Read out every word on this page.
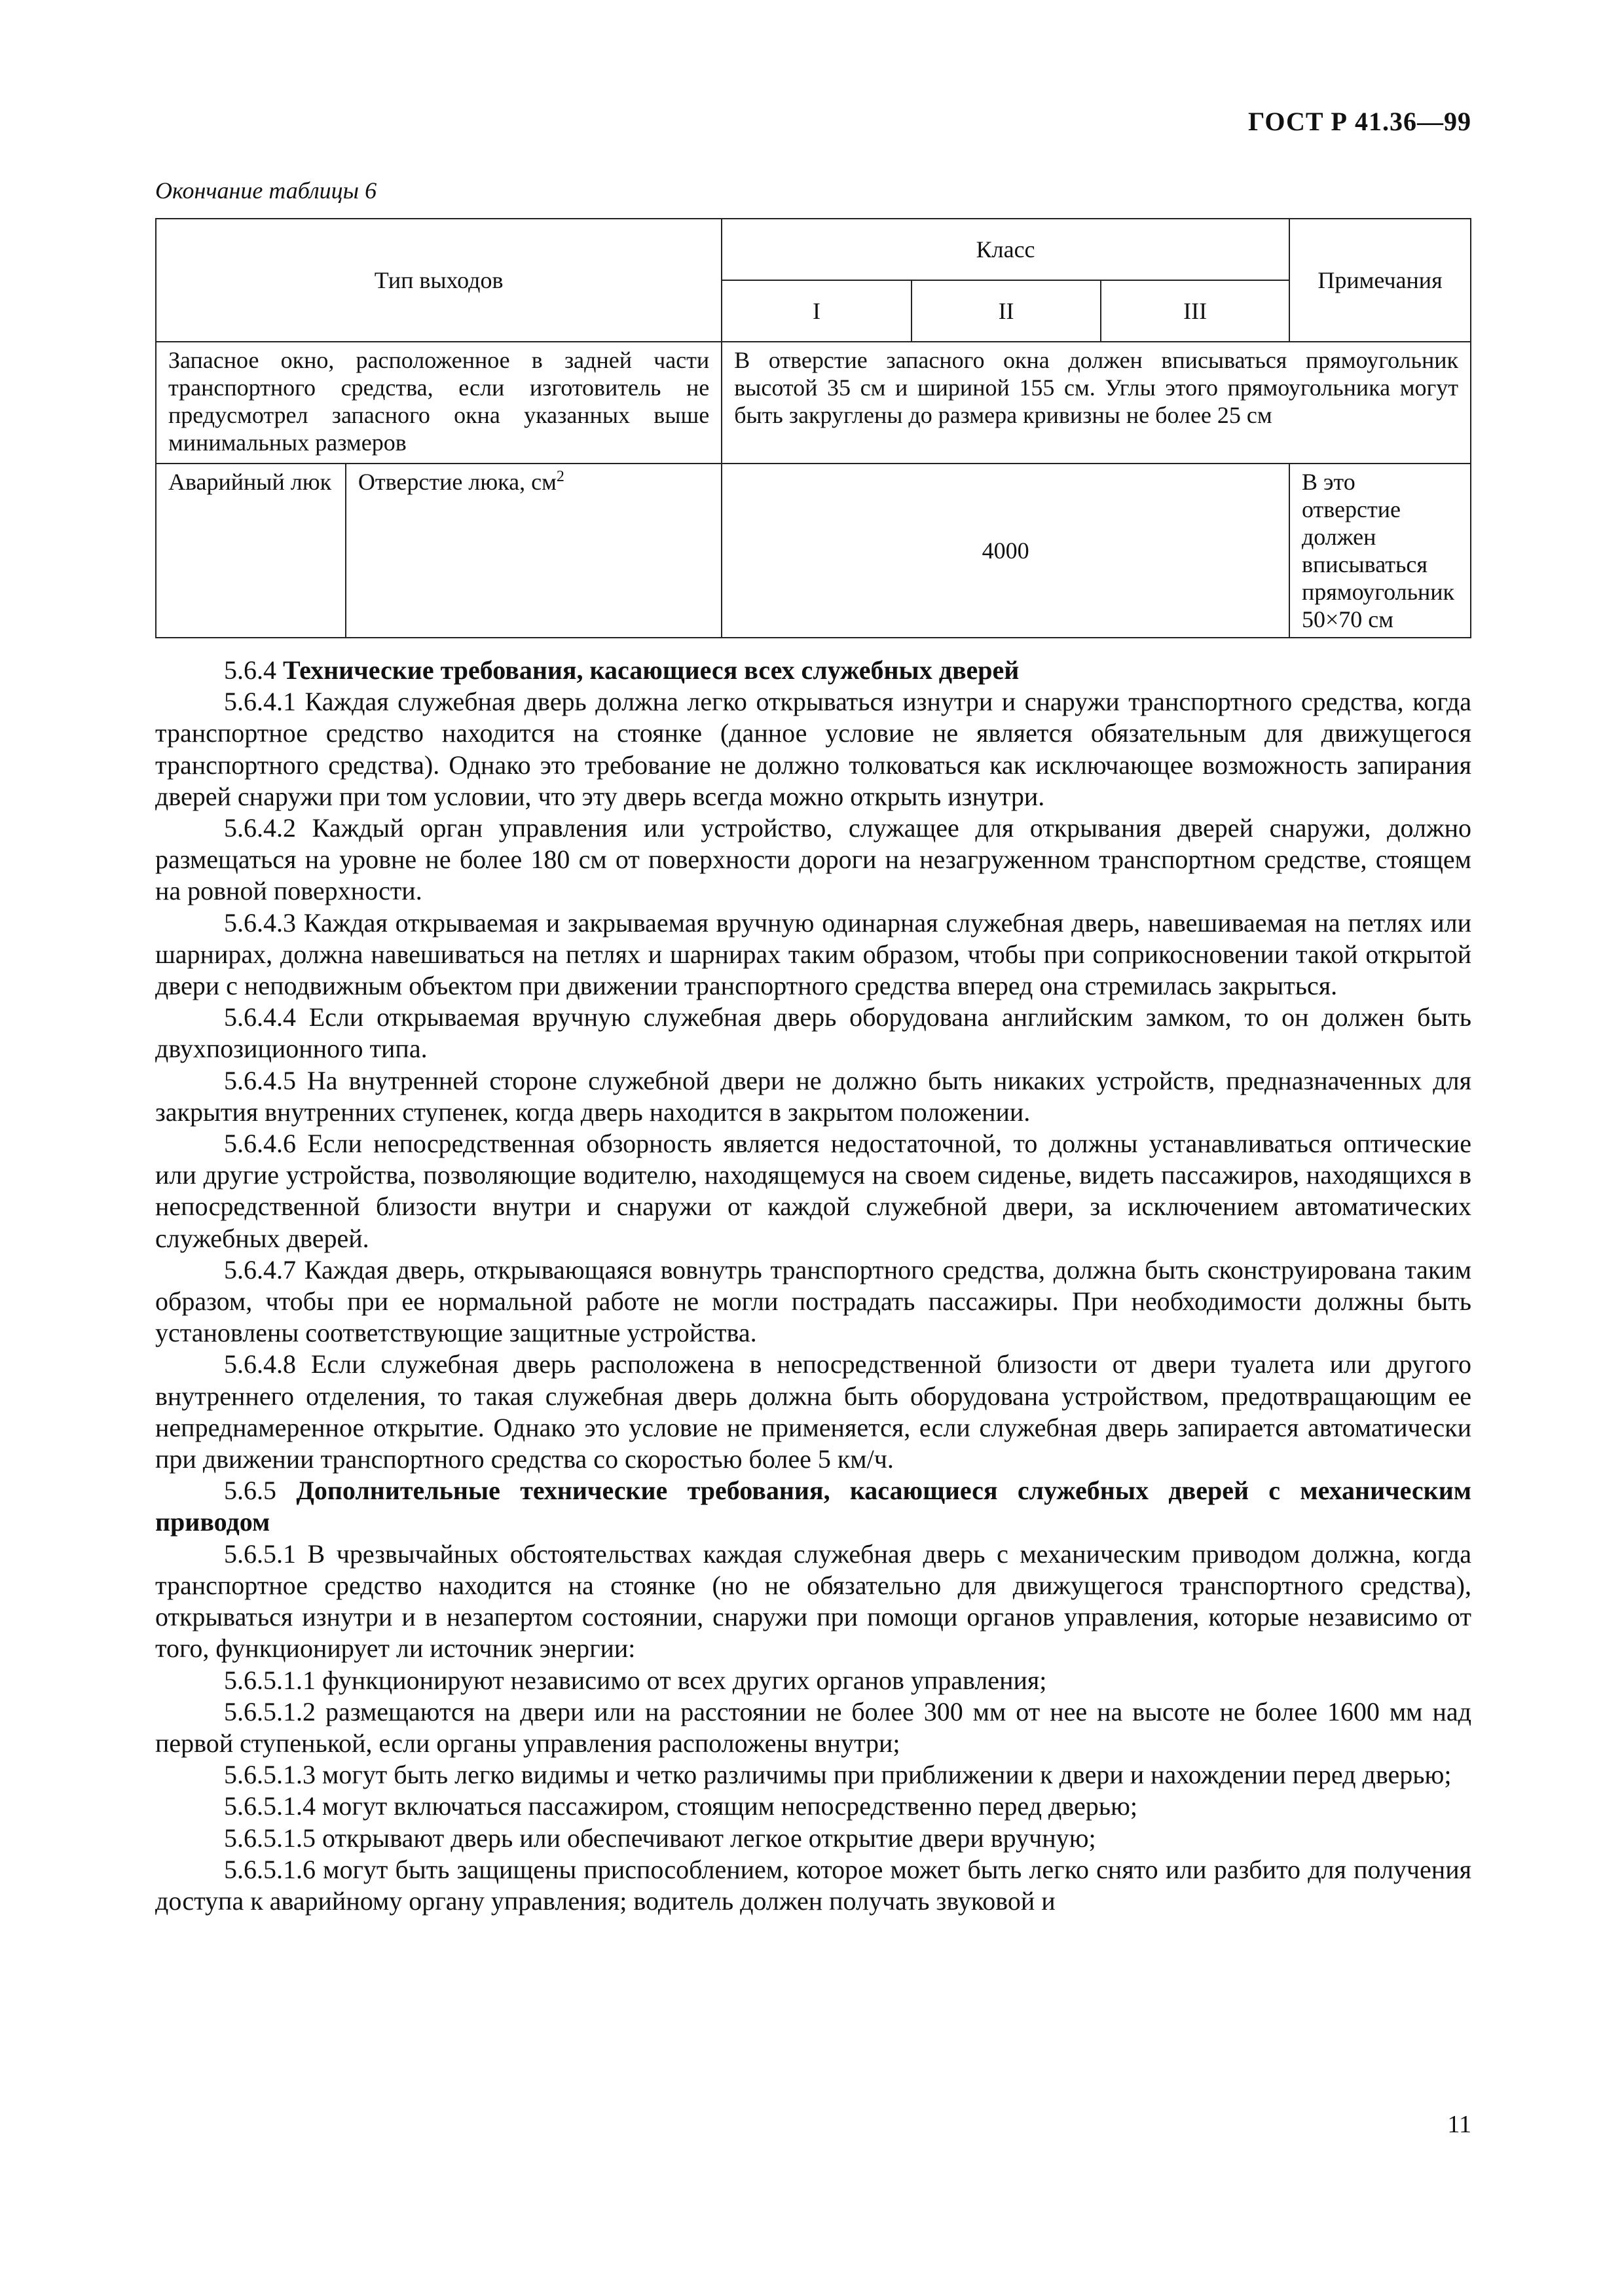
ГОСТ Р 41.36—99
Окончание таблицы 6
Тип выходов		Класс			Примечания
		I	II	III	
Запасное окно, расположенное в задней части транспортного средства, если изготовитель не предусмотрел запасного окна указанных выше минимальных размеров		В отверстие запасного окна должен вписываться прямоугольник высотой 35 см и шириной 155 см. Углы этого прямоугольника могут быть закруглены до размера кривизны не более 25 см			
Аварийный люк	Отверстие люка, $см^2$	4000			В это отверстие должен вписываться прямоугольник 50×70 см

5.6.4 Технические требования, касающиеся всех служебных дверей

5.6.4.1 Каждая служебная дверь должна легко открываться изнутри и снаружи транспортного средства, когда транспортное средство находится на стоянке (данное условие не является обязательным для движущегося транспортного средства). Однако это требование не должно толковаться как исключающее возможность запирания дверей снаружи при том условии, что эту дверь всегда можно открыть изнутри.

5.6.4.2 Каждый орган управления или устройство, служащее для открывания дверей снаружи, должно размещаться на уровне не более 180 см от поверхности дороги на незагруженном транспортном средстве, стоящем на ровной поверхности.

5.6.4.3 Каждая открываемая и закрываемая вручную одинарная служебная дверь, навешиваемая на петлях или шарнирах, должна навешиваться на петлях и шарнирах таким образом, чтобы при соприкосновении такой открытой двери с неподвижным объектом при движении транспортного средства вперед она стремилась закрыться.

5.6.4.4 Если открываемая вручную служебная дверь оборудована английским замком, то он должен быть двухпозиционного типа.

5.6.4.5 На внутренней стороне служебной двери не должно быть никаких устройств, предназначенных для закрытия внутренних ступенек, когда дверь находится в закрытом положении.

5.6.4.6 Если непосредственная обзорность является недостаточной, то должны устанавливаться оптические или другие устройства, позволяющие водителю, находящемуся на своем сиденье, видеть пассажиров, находящихся в непосредственной близости внутри и снаружи от каждой служебной двери, за исключением автоматических служебных дверей.

5.6.4.7 Каждая дверь, открывающаяся вовнутрь транспортного средства, должна быть сконструирована таким образом, чтобы при ее нормальной работе не могли пострадать пассажиры. При необходимости должны быть установлены соответствующие защитные устройства.

5.6.4.8 Если служебная дверь расположена в непосредственной близости от двери туалета или другого внутреннего отделения, то такая служебная дверь должна быть оборудована устройством, предотвращающим ее непреднамеренное открытие. Однако это условие не применяется, если служебная дверь запирается автоматически при движении транспортного средства со скоростью более 5 км/ч.

5.6.5 Дополнительные технические требования, касающиеся служебных дверей с механическим приводом

5.6.5.1 В чрезвычайных обстоятельствах каждая служебная дверь с механическим приводом должна, когда транспортное средство находится на стоянке (но не обязательно для движущегося транспортного средства), открываться изнутри и в незапертом состоянии, снаружи при помощи органов управления, которые независимо от того, функционирует ли источник энергии:

5.6.5.1.1 функционируют независимо от всех других органов управления;

5.6.5.1.2 размещаются на двери или на расстоянии не более 300 мм от нее на высоте не более 1600 мм над первой ступенькой, если органы управления расположены внутри;

5.6.5.1.3 могут быть легко видимы и четко различимы при приближении к двери и нахождении перед дверью;

5.6.5.1.4 могут включаться пассажиром, стоящим непосредственно перед дверью;

5.6.5.1.5 открывают дверь или обеспечивают легкое открытие двери вручную;

5.6.5.1.6 могут быть защищены приспособлением, которое может быть легко снято или разбито для получения доступа к аварийному органу управления; водитель должен получать звуковой и

11
